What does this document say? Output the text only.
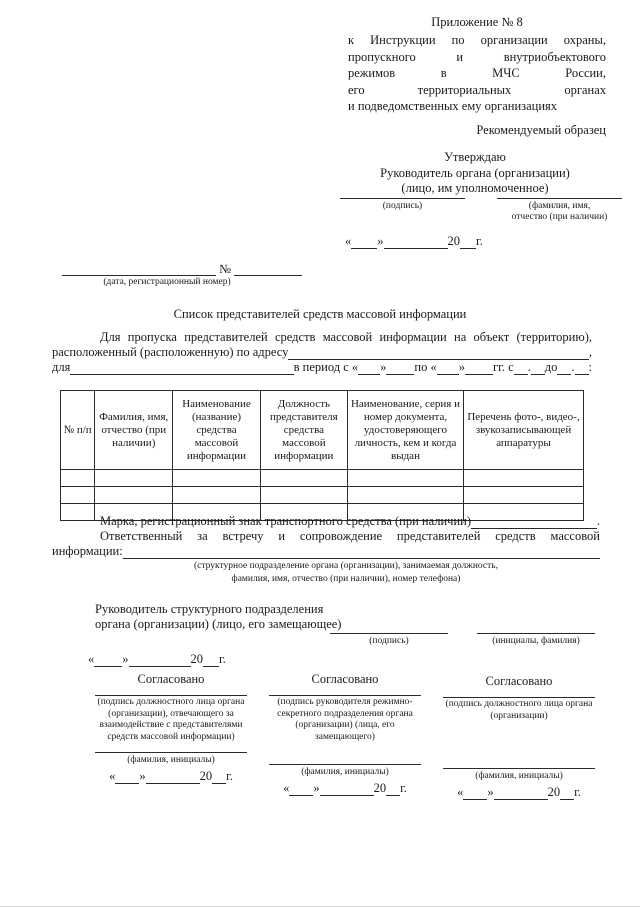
Приложение № 8
к Инструкции по организации охраны,
пропускного и внутриобъектового
режимов в МЧС России,
его территориальных органах
и подведомственных ему организациях
Рекомендуемый образец
Утверждаю
Руководитель органа (организации)
(лицо, им уполномоченное)
(подпись)	(фамилия, имя,
отчество (при наличии)
« »	20 г.
№
(дата, регистрационный номер)
Список представителей средств массовой информации
Для пропуска представителей средств массовой информации на объект (территорию),
расположенный (расположенную) по адресу	,
для	в период с « » по « » гг. с . до . :
№ п/п	Фамилия, имя, отчество (при наличии)	Наименование (название) средства массовой информации	Должность представителя средства массовой информации	Наименование, серия и номер документа, удостоверяющего личность, кем и когда выдан	Перечень фото-, видео-, звукозаписывающей аппаратуры

Марка, регистрационный знак транспортного средства (при наличии)	.
Ответственный за встречу и сопровождение представителей средств массовой
информации:
(структурное подразделение органа (организации), занимаемая должность,
фамилия, имя, отчество (при наличии), номер телефона)
Руководитель структурного подразделения
органа (организации) (лицо, его замещающее)
(подпись)	(инициалы, фамилия)
« »	20 г.
Согласовано
(подпись должностного лица органа (организации), отвечающего за взаимодействие с представителями средств массовой информации)
(фамилия, инициалы)
« »	20 г.
Согласовано
(подпись руководителя режимно-секретного подразделения органа (организации) (лица, его замещающего)
(фамилия, инициалы)
« »	20 г.
Согласовано
(подпись должностного лица органа (организации)
(фамилия, инициалы)
« »	20 г.
